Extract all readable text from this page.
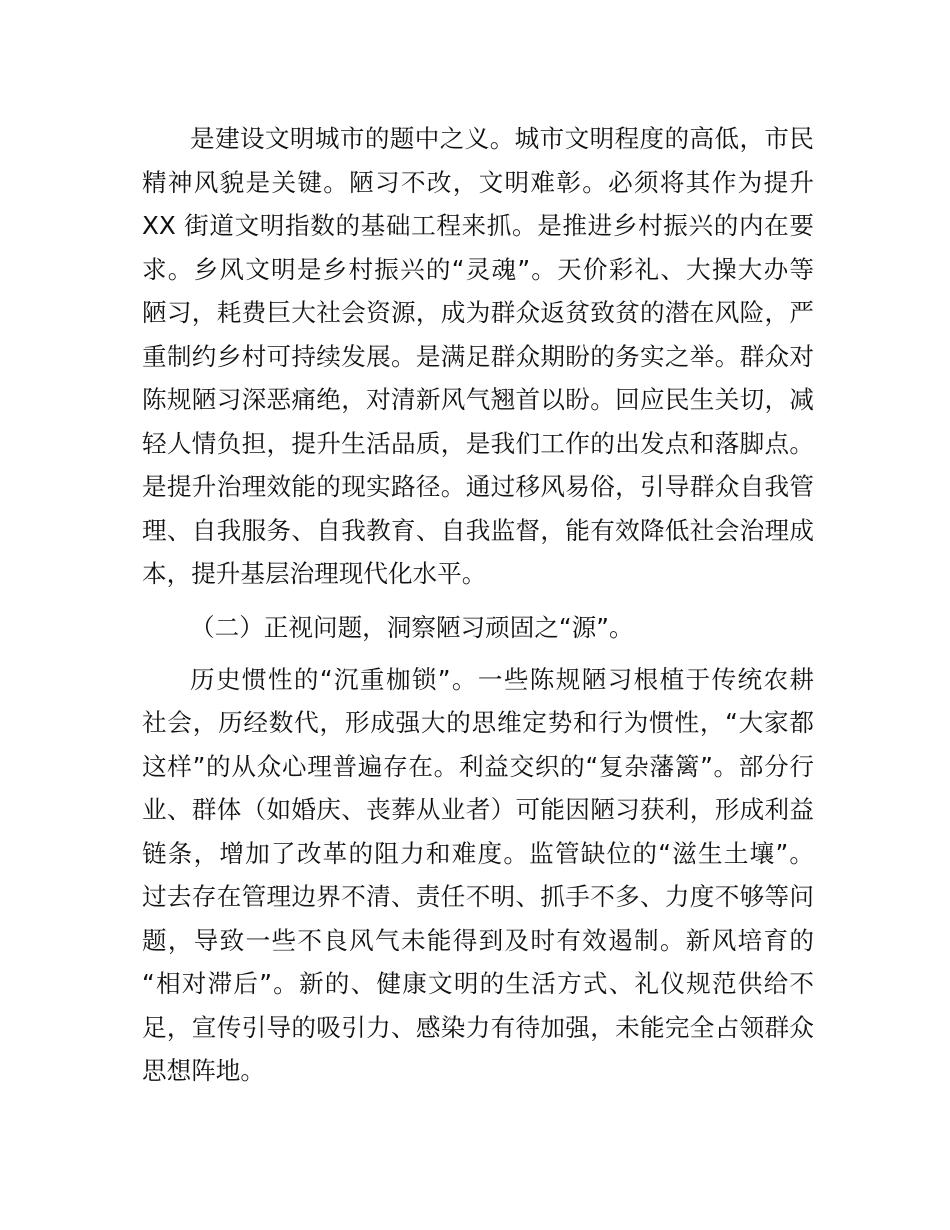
是建设文明城市的题中之义。城市文明程度的高低，市民
精神风貌是关键。陋习不改，文明难彰。必须将其作为提升
XX 街道文明指数的基础工程来抓。是推进乡村振兴的内在要
求。乡风文明是乡村振兴的“灵魂”。天价彩礼、大操大办等
陋习，耗费巨大社会资源，成为群众返贫致贫的潜在风险，严
重制约乡村可持续发展。是满足群众期盼的务实之举。群众对
陈规陋习深恶痛绝，对清新风气翘首以盼。回应民生关切，减
轻人情负担，提升生活品质，是我们工作的出发点和落脚点。
是提升治理效能的现实路径。通过移风易俗，引导群众自我管
理、自我服务、自我教育、自我监督，能有效降低社会治理成
本，提升基层治理现代化水平。
（二）正视问题，洞察陋习顽固之“源”。
历史惯性的“沉重枷锁”。一些陈规陋习根植于传统农耕
社会，历经数代，形成强大的思维定势和行为惯性，“大家都
这样”的从众心理普遍存在。利益交织的“复杂藩篱”。部分行
业、群体（如婚庆、丧葬从业者）可能因陋习获利，形成利益
链条，增加了改革的阻力和难度。监管缺位的“滋生土壤”。
过去存在管理边界不清、责任不明、抓手不多、力度不够等问
题，导致一些不良风气未能得到及时有效遏制。新风培育的
“相对滞后”。新的、健康文明的生活方式、礼仪规范供给不
足，宣传引导的吸引力、感染力有待加强，未能完全占领群众
思想阵地。
